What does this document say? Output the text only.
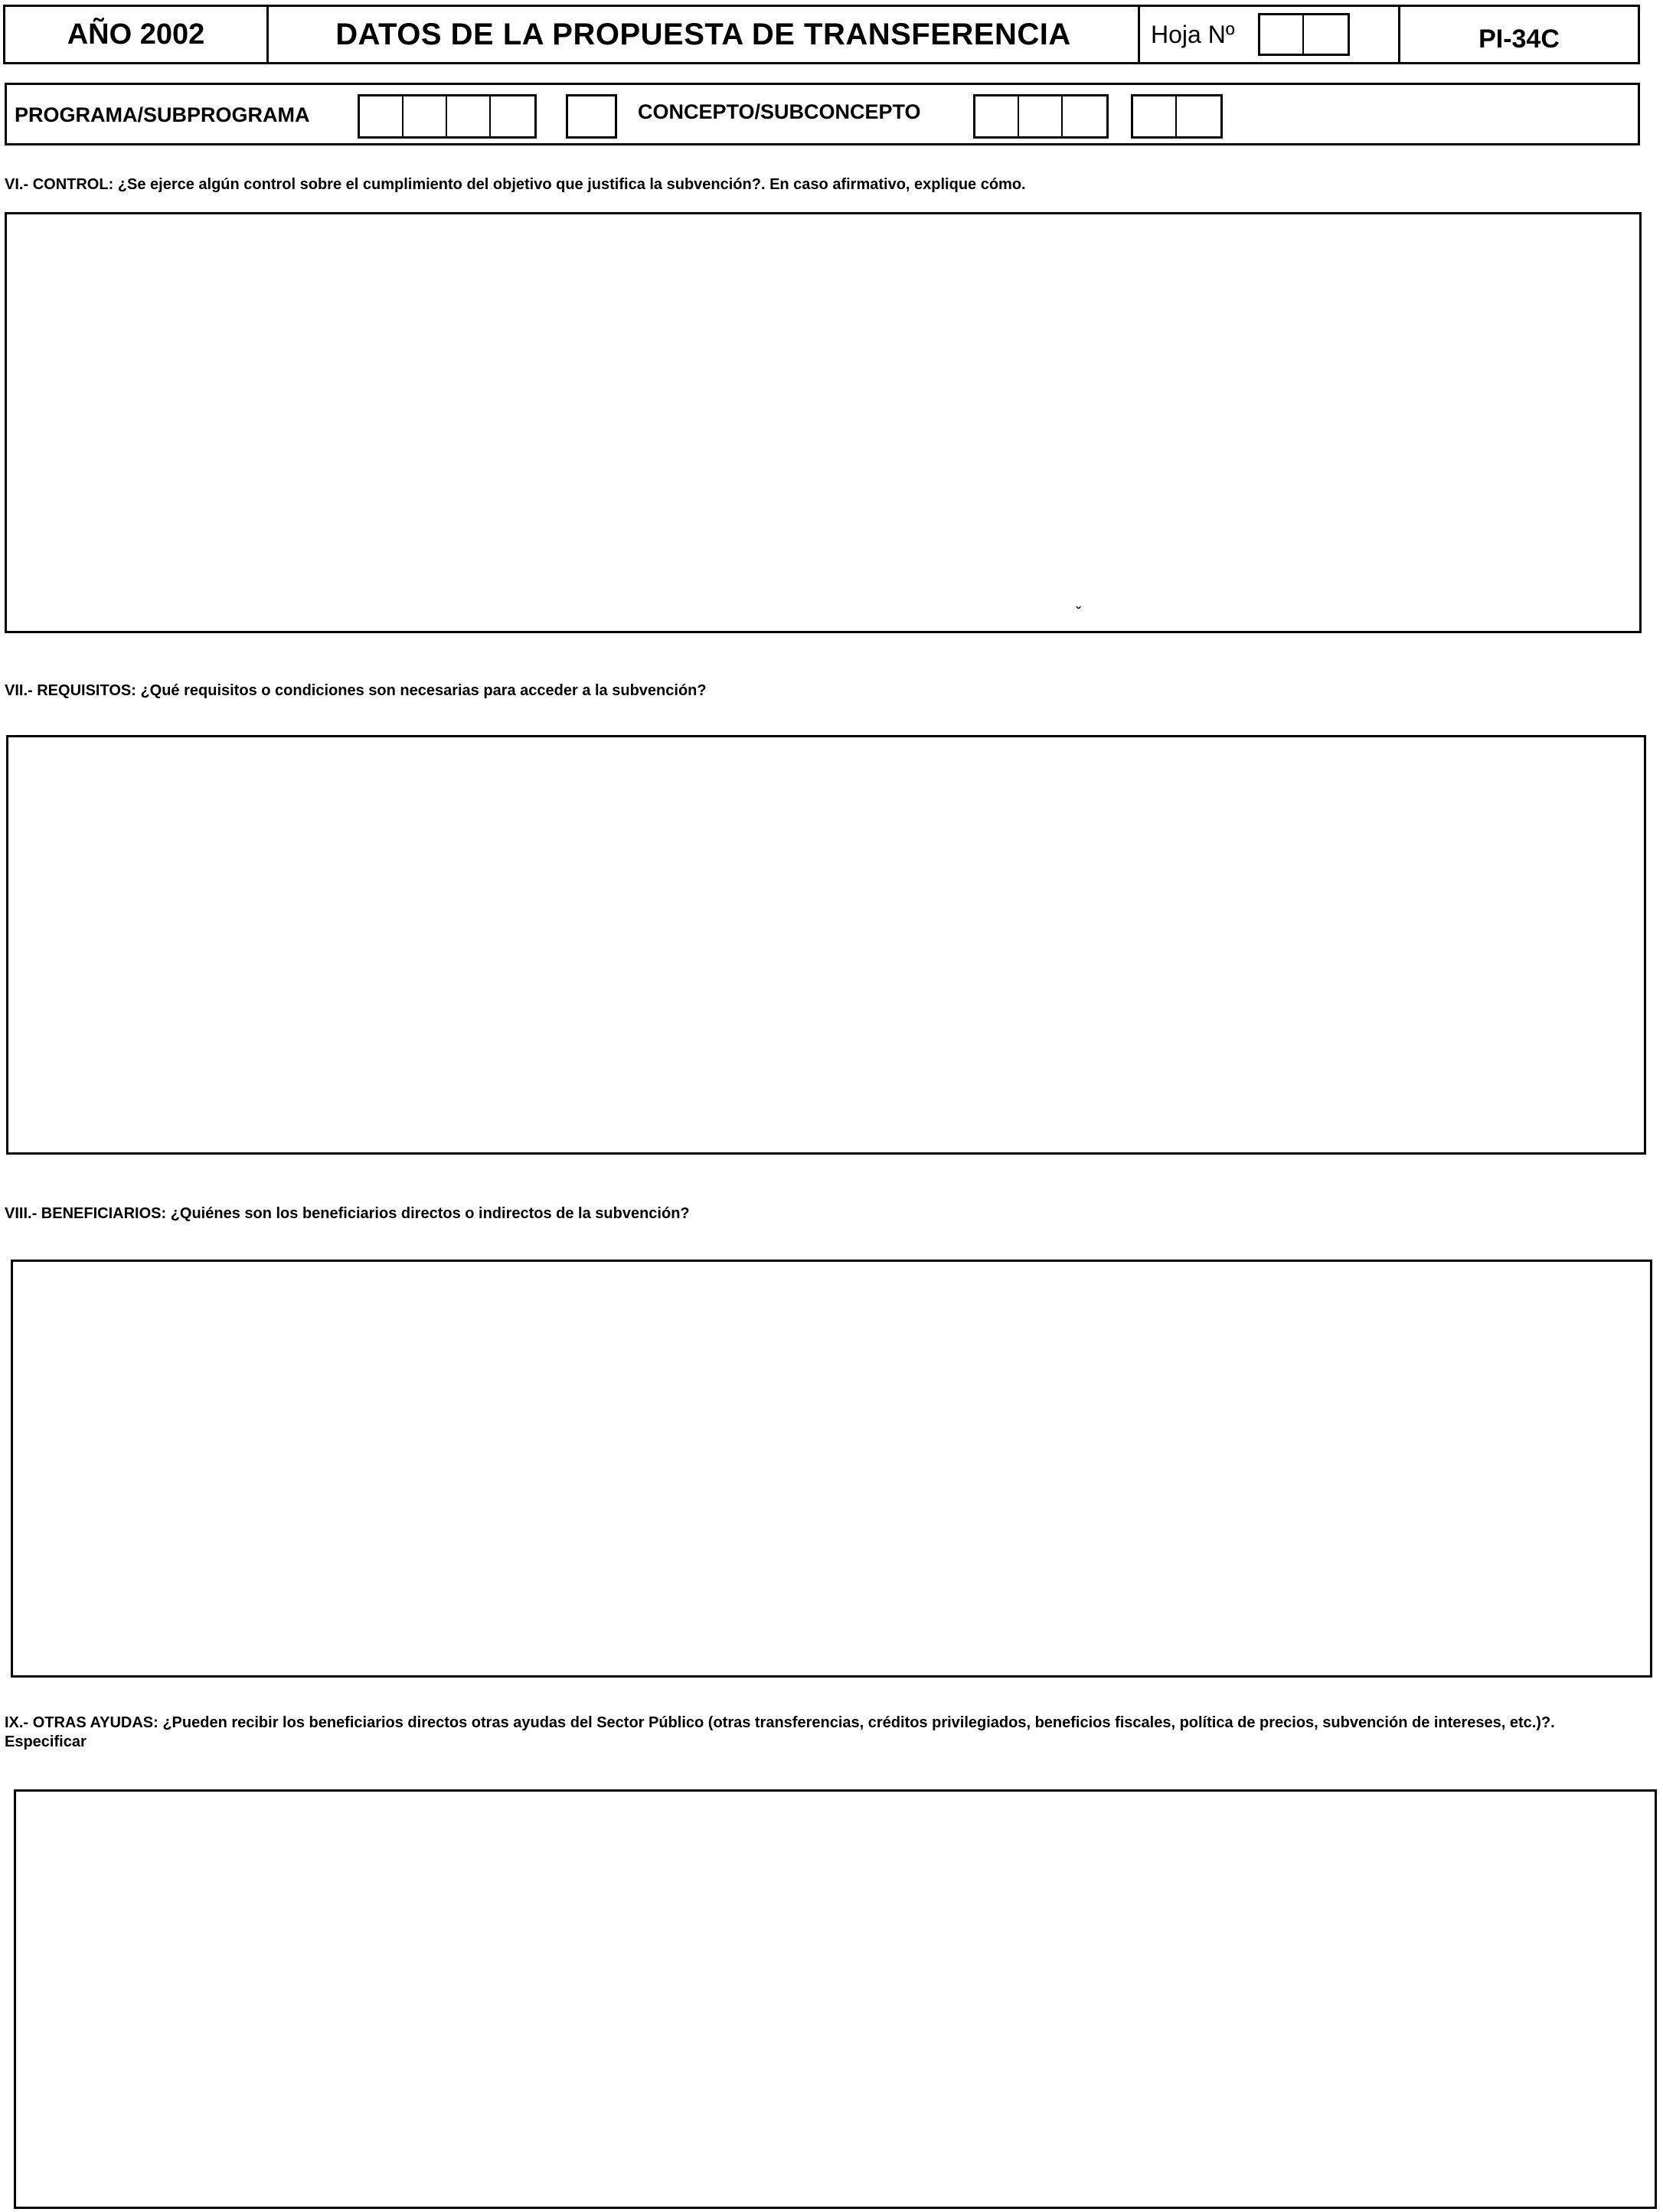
AÑO 2002	DATOS DE LA PROPUESTA DE TRANSFERENCIA	Hoja Nº	PI-34C
PROGRAMA/SUBPROGRAMA	CONCEPTO/SUBCONCEPTO
VI.- CONTROL: ¿Se ejerce algún control sobre el cumplimiento del objetivo que justifica la subvención?. En caso afirmativo, explique cómo.
ˇ
VII.- REQUISITOS: ¿Qué requisitos o condiciones son necesarias para acceder a la subvención?
VIII.- BENEFICIARIOS: ¿Quiénes son los beneficiarios directos o indirectos de la subvención?
IX.- OTRAS AYUDAS: ¿Pueden recibir los beneficiarios directos otras ayudas del Sector Público (otras transferencias, créditos privilegiados, beneficios fiscales, política de precios, subvención de intereses, etc.)?. Especificar
